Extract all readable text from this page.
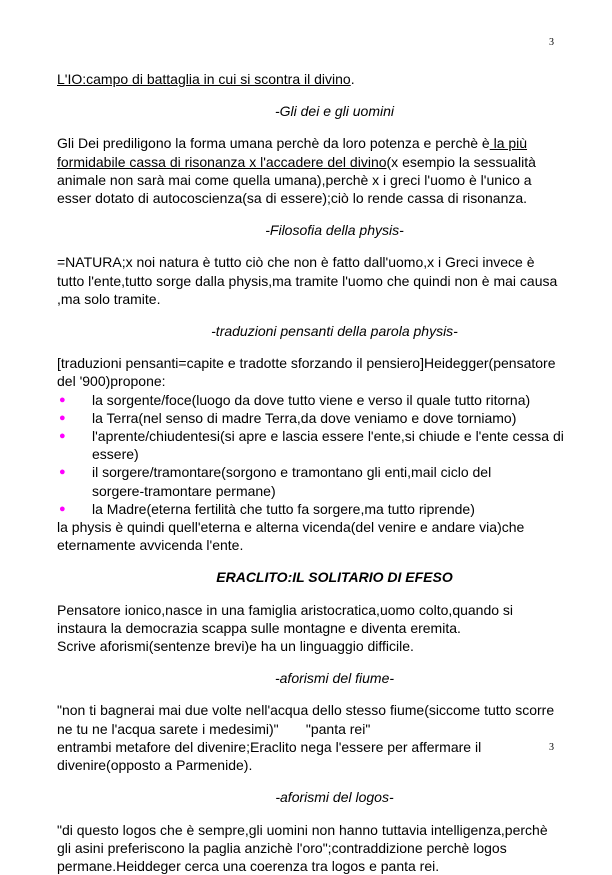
3

L'IO:campo di battaglia in cui si scontra il divino.

-Gli dei e gli uomini

Gli Dei prediligono la forma umana perchè da loro potenza e perchè è la più

formidabile cassa di risonanza x l'accadere del divino(x esempio la sessualità

animale non sarà mai come quella umana),perchè x i greci l'uomo è l'unico a

esser dotato di autocoscienza(sa di essere);ciò lo rende cassa di risonanza.

-Filosofia della physis-

=NATURA;x noi natura è tutto ciò che non è fatto dall'uomo,x i Greci invece è

tutto l'ente,tutto sorge dalla physis,ma tramite l'uomo che quindi non è mai causa

,ma solo tramite.

-traduzioni pensanti della parola physis-

[traduzioni pensanti=capite e tradotte sforzando il pensiero]Heidegger(pensatore

del '900)propone:

● la sorgente/foce(luogo da dove tutto viene e verso il quale tutto ritorna)
● la Terra(nel senso di madre Terra,da dove veniamo e dove torniamo)
● l'aprente/chiudentesi(si apre e lascia essere l'ente,si chiude e l'ente cessa di
essere)
● il sorgere/tramontare(sorgono e tramontano gli enti,mail ciclo del
sorgere-tramontare permane)
● la Madre(eterna fertilità che tutto fa sorgere,ma tutto riprende)

la physis è quindi quell'eterna e alterna vicenda(del venire e andare via)che

eternamente avvicenda l'ente.

ERACLITO:IL SOLITARIO DI EFESO

Pensatore ionico,nasce in una famiglia aristocratica,uomo colto,quando si

instaura la democrazia scappa sulle montagne e diventa eremita.

Scrive aforismi(sentenze brevi)e ha un linguaggio difficile.

-aforismi del fiume-

"non ti bagnerai mai due volte nell'acqua dello stesso fiume(siccome tutto scorre

ne tu ne l'acqua sarete i medesimi)"       "panta rei"

entrambi metafore del divenire;Eraclito nega l'essere per affermare il

divenire(opposto a Parmenide).

-aforismi del logos-

"di questo logos che è sempre,gli uomini non hanno tuttavia intelligenza,perchè

gli asini preferiscono la paglia anzichè l'oro";contraddizione perchè logos

permane.Heiddeger cerca una coerenza tra logos e panta rei.

3
